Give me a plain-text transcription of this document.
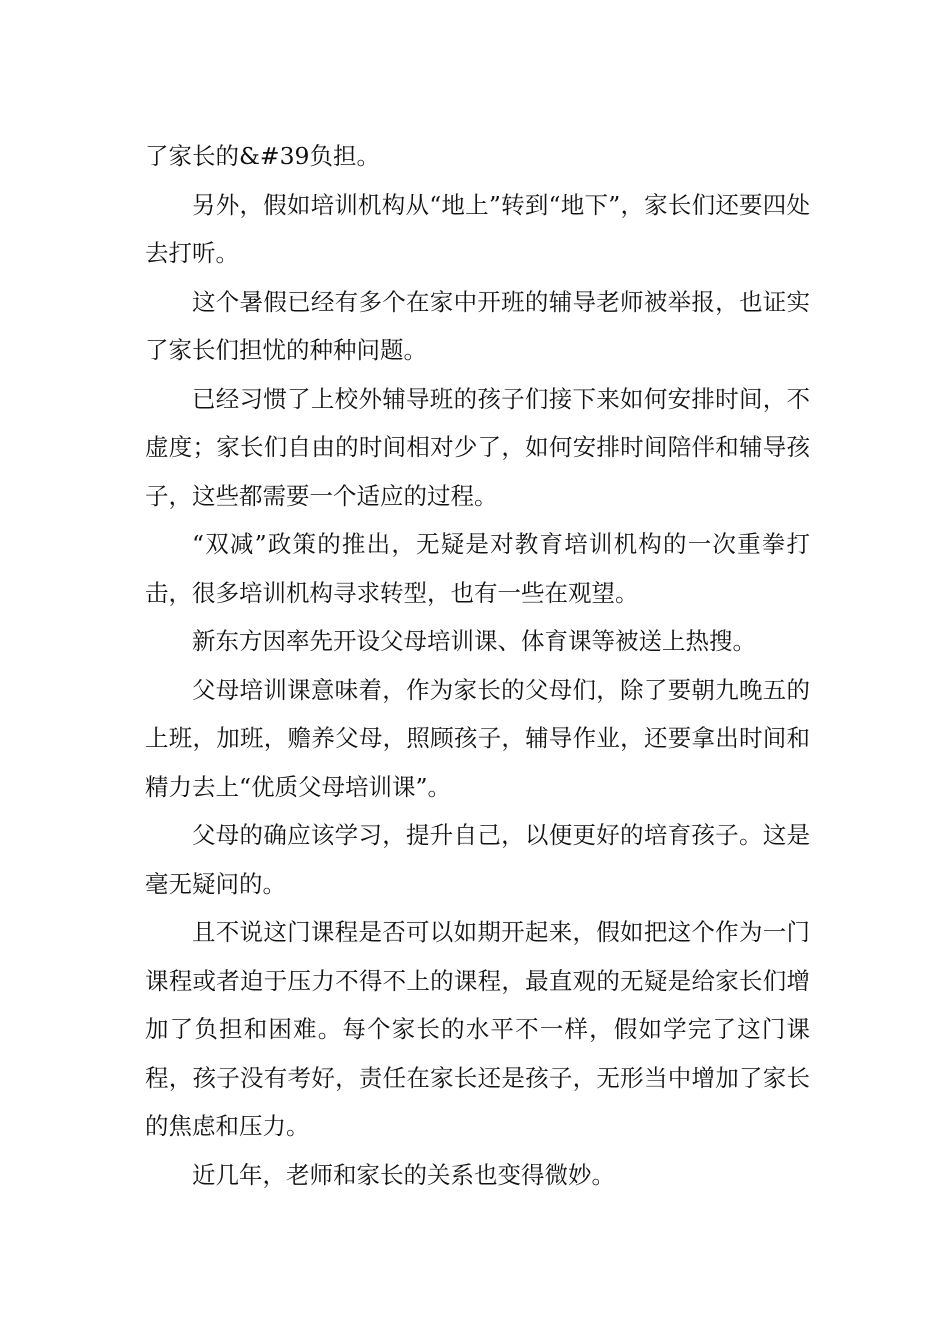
了家长的&#39负担。

另外，假如培训机构从“地上”转到“地下”，家长们还要四处去打听。

这个暑假已经有多个在家中开班的辅导老师被举报，也证实了家长们担忧的种种问题。

已经习惯了上校外辅导班的孩子们接下来如何安排时间，不虚度；家长们自由的时间相对少了，如何安排时间陪伴和辅导孩子，这些都需要一个适应的过程。

“双减”政策的推出，无疑是对教育培训机构的一次重拳打击，很多培训机构寻求转型，也有一些在观望。

新东方因率先开设父母培训课、体育课等被送上热搜。

父母培训课意味着，作为家长的父母们，除了要朝九晚五的上班，加班，赡养父母，照顾孩子，辅导作业，还要拿出时间和精力去上“优质父母培训课”。

父母的确应该学习，提升自己，以便更好的培育孩子。这是毫无疑问的。

且不说这门课程是否可以如期开起来，假如把这个作为一门课程或者迫于压力不得不上的课程，最直观的无疑是给家长们增加了负担和困难。每个家长的水平不一样，假如学完了这门课程，孩子没有考好，责任在家长还是孩子，无形当中增加了家长的焦虑和压力。

近几年，老师和家长的关系也变得微妙。
